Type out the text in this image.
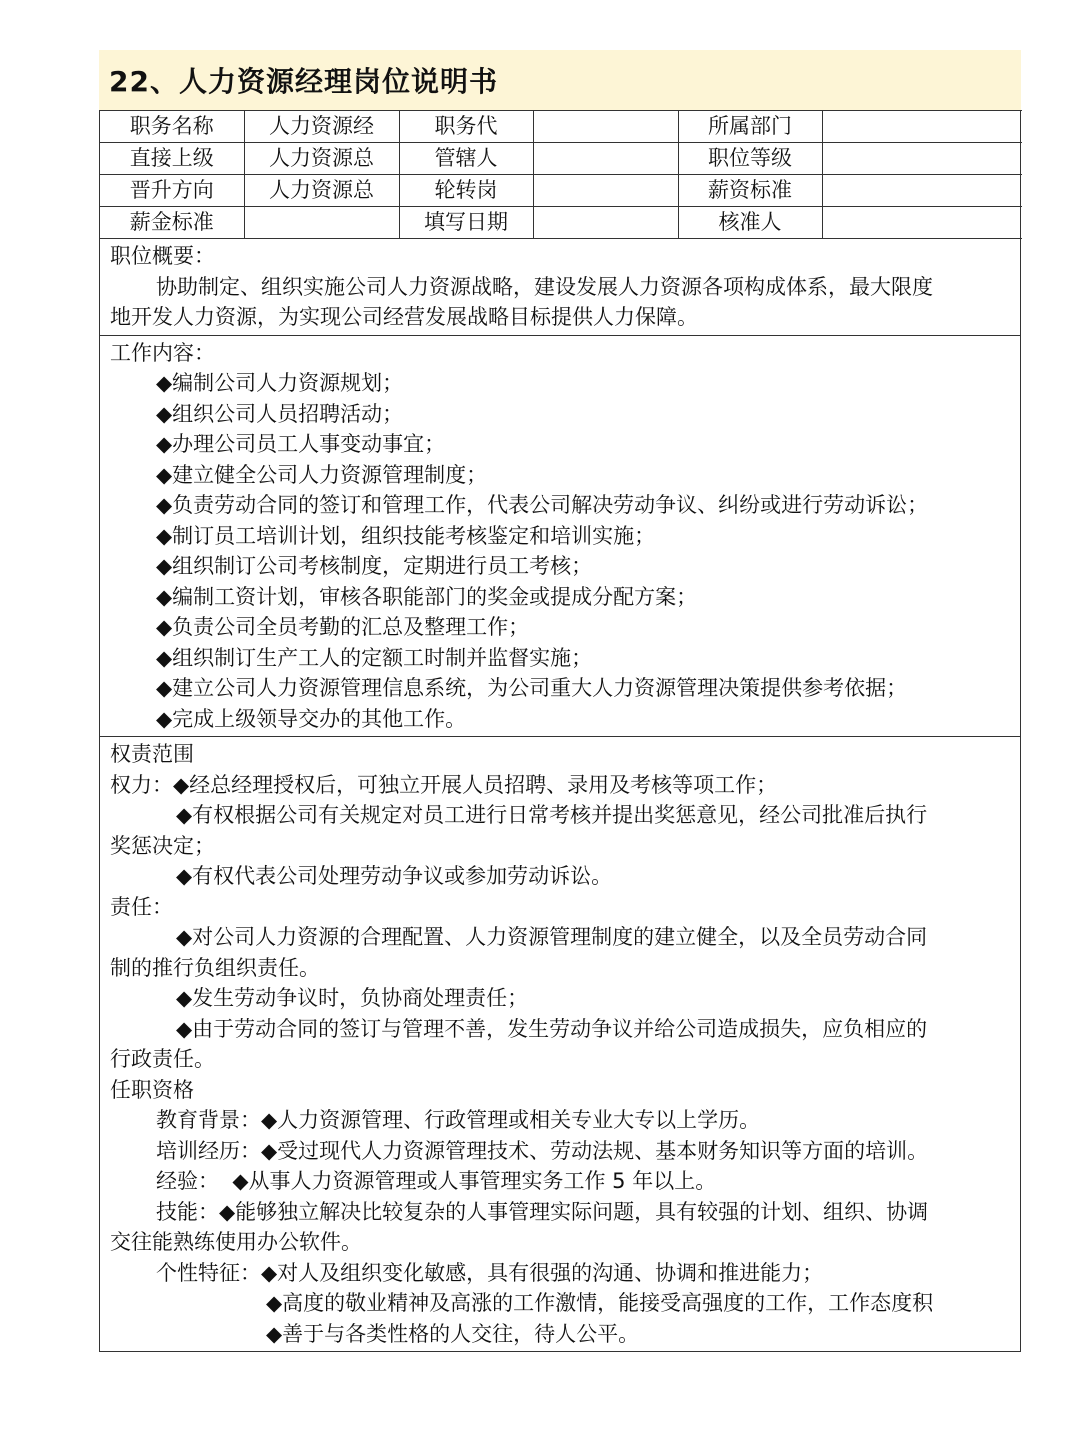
22、人力资源经理岗位说明书
职务名称	人力资源经	职务代		所属部门	
直接上级	人力资源总	管辖人		职位等级	
晋升方向	人力资源总	轮转岗		薪资标准	
薪金标准		填写日期		核准人	
职位概要：
协助制定、组织实施公司人力资源战略，建设发展人力资源各项构成体系，最大限度
地开发人力资源，为实现公司经营发展战略目标提供人力保障。
工作内容：
◆编制公司人力资源规划；
◆组织公司人员招聘活动；
◆办理公司员工人事变动事宜；
◆建立健全公司人力资源管理制度；
◆负责劳动合同的签订和管理工作，代表公司解决劳动争议、纠纷或进行劳动诉讼；
◆制订员工培训计划，组织技能考核鉴定和培训实施；
◆组织制订公司考核制度，定期进行员工考核；
◆编制工资计划，审核各职能部门的奖金或提成分配方案；
◆负责公司全员考勤的汇总及整理工作；
◆组织制订生产工人的定额工时制并监督实施；
◆建立公司人力资源管理信息系统，为公司重大人力资源管理决策提供参考依据；
◆完成上级领导交办的其他工作。
权责范围
权力：◆经总经理授权后，可独立开展人员招聘、录用及考核等项工作；
◆有权根据公司有关规定对员工进行日常考核并提出奖惩意见，经公司批准后执行
奖惩决定；
◆有权代表公司处理劳动争议或参加劳动诉讼。
责任：
◆对公司人力资源的合理配置、人力资源管理制度的建立健全，以及全员劳动合同
制的推行负组织责任。
◆发生劳动争议时，负协商处理责任；
◆由于劳动合同的签订与管理不善，发生劳动争议并给公司造成损失，应负相应的
行政责任。
任职资格
教育背景：◆人力资源管理、行政管理或相关专业大专以上学历。
培训经历：◆受过现代人力资源管理技术、劳动法规、基本财务知识等方面的培训。
经验：  ◆从事人力资源管理或人事管理实务工作 5 年以上。
技能：◆能够独立解决比较复杂的人事管理实际问题，具有较强的计划、组织、协调
交往能熟练使用办公软件。
个性特征：◆对人及组织变化敏感，具有很强的沟通、协调和推进能力；
◆高度的敬业精神及高涨的工作激情，能接受高强度的工作，工作态度积
◆善于与各类性格的人交往，待人公平。
